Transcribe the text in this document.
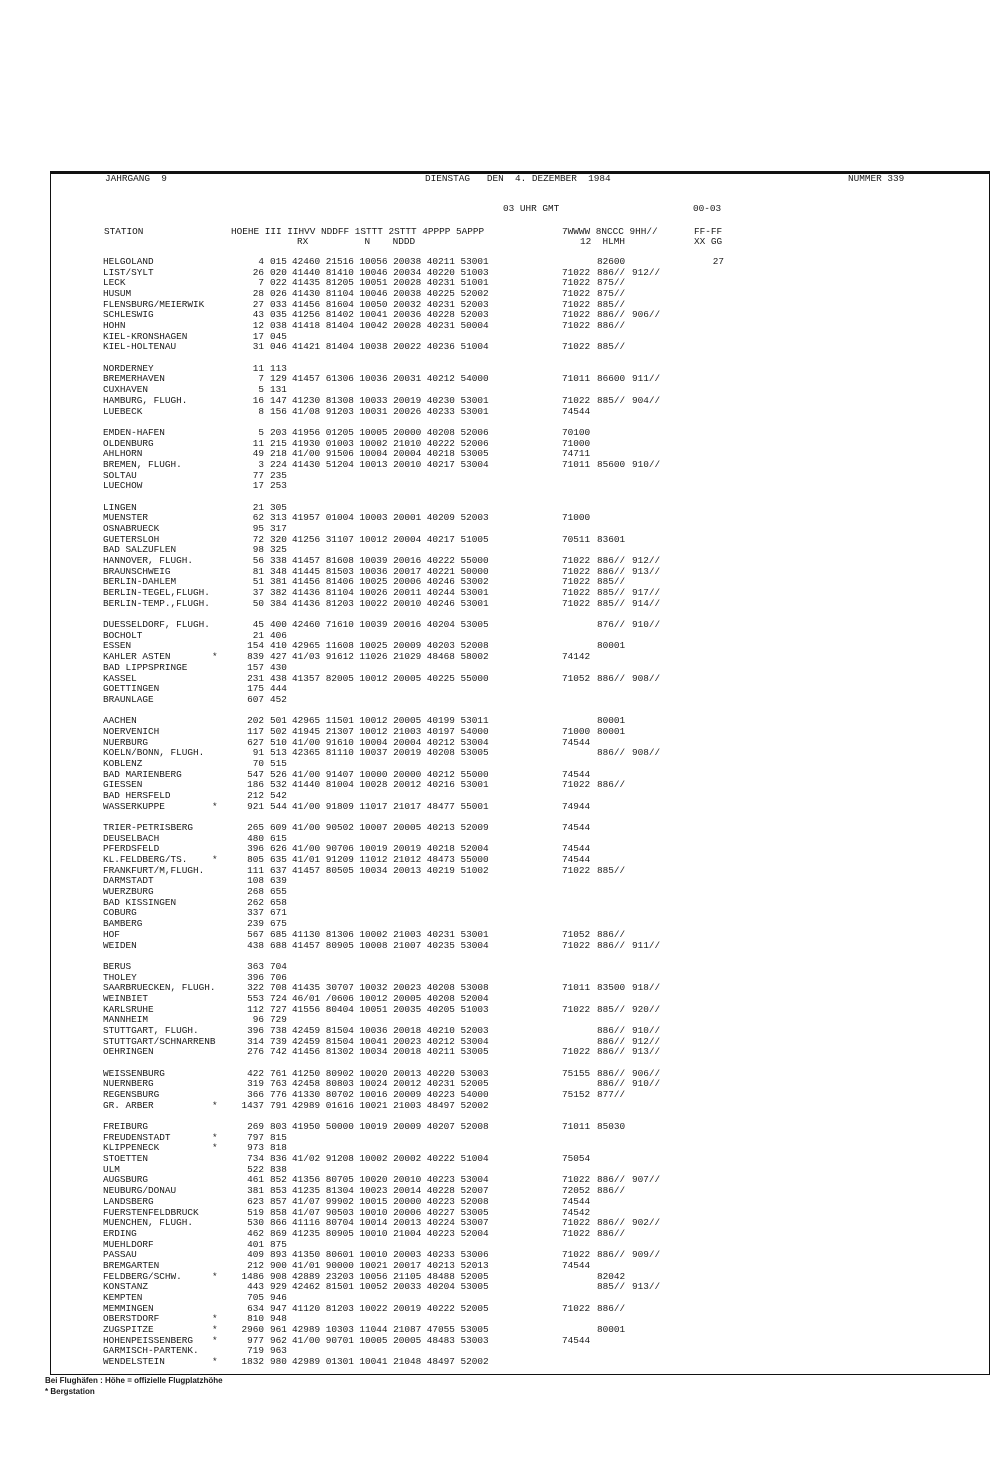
JAHRGANG  9	DIENSTAG   DEN  4. DEZEMBER  1984	NUMMER 339
03 UHR GMT	00-03
STATION	HOEHE III IIHVV NDDFF 1STTT 2STTT 4PPPP 5APPP	7WWWW 8NCCC 9HH//	FF-FF
RX          N    NDDD	12  HLMH	XX GG
HELGOLAND	4 015 42460 21516 10056 20038 40211 53001	82600	27
LIST/SYLT	26 020 41440 81410 10046 20034 40220 51003	71022 886// 912//
LECK	7 022 41435 81205 10051 20028 40231 51001	71022 875//
HUSUM	28 026 41430 81104 10046 20038 40225 52002	71022 875//
FLENSBURG/MEIERWIK	27 033 41456 81604 10050 20032 40231 52003	71022 885//
SCHLESWIG	43 035 41256 81402 10041 20036 40228 52003	71022 886// 906//
HOHN	12 038 41418 81404 10042 20028 40231 50004	71022 886//
KIEL-KRONSHAGEN	17 045
KIEL-HOLTENAU	31 046 41421 81404 10038 20022 40236 51004	71022 885//
NORDERNEY	11 113
BREMERHAVEN	7 129 41457 61306 10036 20031 40212 54000	71011 86600 911//
CUXHAVEN	5 131
HAMBURG, FLUGH.	16 147 41230 81308 10033 20019 40230 53001	71022 885// 904//
LUEBECK	8 156 41/08 91203 10031 20026 40233 53001	74544
EMDEN-HAFEN	5 203 41956 01205 10005 20000 40208 52006	70100
OLDENBURG	11 215 41930 01003 10002 21010 40222 52006	71000
AHLHORN	49 218 41/00 91506 10004 20004 40218 53005	74711
BREMEN, FLUGH.	3 224 41430 51204 10013 20010 40217 53004	71011 85600 910//
SOLTAU	77 235
LUECHOW	17 253
LINGEN	21 305
MUENSTER	62 313 41957 01004 10003 20001 40209 52003	71000
OSNABRUECK	95 317
GUETERSLOH	72 320 41256 31107 10012 20004 40217 51005	70511 83601
BAD SALZUFLEN	98 325
HANNOVER, FLUGH.	56 338 41457 81608 10039 20016 40222 55000	71022 886// 912//
BRAUNSCHWEIG	81 348 41445 81503 10036 20017 40221 50000	71022 886// 913//
BERLIN-DAHLEM	51 381 41456 81406 10025 20006 40246 53002	71022 885//
BERLIN-TEGEL,FLUGH.	37 382 41436 81104 10026 20011 40244 53001	71022 885// 917//
BERLIN-TEMP.,FLUGH.	50 384 41436 81203 10022 20010 40246 53001	71022 885// 914//
DUESSELDORF, FLUGH.	45 400 42460 71610 10039 20016 40204 53005	876// 910//
BOCHOLT	21 406
ESSEN	154 410 42965 11608 10025 20009 40203 52008	80001
KAHLER ASTEN	*	839 427 41/03 91612 11026 21029 48468 58002	74142
BAD LIPPSPRINGE	157 430
KASSEL	231 438 41357 82005 10012 20005 40225 55000	71052 886// 908//
GOETTINGEN	175 444
BRAUNLAGE	607 452
AACHEN	202 501 42965 11501 10012 20005 40199 53011	80001
NOERVENICH	117 502 41945 21307 10012 21003 40197 54000	71000 80001
NUERBURG	627 510 41/00 91610 10004 20004 40212 53004	74544
KOELN/BONN, FLUGH.	91 513 42365 81110 10037 20019 40208 53005	886// 908//
KOBLENZ	70 515
BAD MARIENBERG	547 526 41/00 91407 10000 20000 40212 55000	74544
GIESSEN	186 532 41440 81004 10028 20012 40216 53001	71022 886//
BAD HERSFELD	212 542
WASSERKUPPE	*	921 544 41/00 91809 11017 21017 48477 55001	74944
TRIER-PETRISBERG	265 609 41/00 90502 10007 20005 40213 52009	74544
DEUSELBACH	480 615
PFERDSFELD	396 626 41/00 90706 10019 20019 40218 52004	74544
KL.FELDBERG/TS.	*	805 635 41/01 91209 11012 21012 48473 55000	74544
FRANKFURT/M,FLUGH.	111 637 41457 80505 10034 20013 40219 51002	71022 885//
DARMSTADT	108 639
WUERZBURG	268 655
BAD KISSINGEN	262 658
COBURG	337 671
BAMBERG	239 675
HOF	567 685 41130 81306 10002 21003 40231 53001	71052 886//
WEIDEN	438 688 41457 80905 10008 21007 40235 53004	71022 886// 911//
BERUS	363 704
THOLEY	396 706
SAARBRUECKEN, FLUGH.	322 708 41435 30707 10032 20023 40208 53008	71011 83500 918//
WEINBIET	553 724 46/01 /0606 10012 20005 40208 52004
KARLSRUHE	112 727 41556 80404 10051 20035 40205 51003	71022 885// 920//
MANNHEIM	96 729
STUTTGART, FLUGH.	396 738 42459 81504 10036 20018 40210 52003	886// 910//
STUTTGART/SCHNARRENB	314 739 42459 81504 10041 20023 40212 53004	886// 912//
OEHRINGEN	276 742 41456 81302 10034 20018 40211 53005	71022 886// 913//
WEISSENBURG	422 761 41250 80902 10020 20013 40220 53003	75155 886// 906//
NUERNBERG	319 763 42458 80803 10024 20012 40231 52005	886// 910//
REGENSBURG	366 776 41330 80702 10016 20009 40223 54000	75152 877//
GR. ARBER	*	1437 791 42989 01616 10021 21003 48497 52002
FREIBURG	269 803 41950 50000 10019 20009 40207 52008	71011 85030
FREUDENSTADT	*	797 815
KLIPPENECK	*	973 818
STOETTEN	734 836 41/02 91208 10002 20002 40222 51004	75054
ULM	522 838
AUGSBURG	461 852 41356 80705 10020 20010 40223 53004	71022 886// 907//
NEUBURG/DONAU	381 853 41235 81304 10023 20014 40228 52007	72052 886//
LANDSBERG	623 857 41/07 99902 10015 20000 40223 52008	74544
FUERSTENFELDBRUCK	519 858 41/07 90503 10010 20006 40227 53005	74542
MUENCHEN, FLUGH.	530 866 41116 80704 10014 20013 40224 53007	71022 886// 902//
ERDING	462 869 41235 80905 10010 21004 40223 52004	71022 886//
MUEHLDORF	401 875
PASSAU	409 893 41350 80601 10010 20003 40233 53006	71022 886// 909//
BREMGARTEN	212 900 41/01 90000 10021 20017 40213 52013	74544
FELDBERG/SCHW.	*	1486 908 42889 23203 10056 21105 48488 52005	82042
KONSTANZ	443 929 42462 81501 10052 20033 40204 53005	885// 913//
KEMPTEN	705 946
MEMMINGEN	634 947 41120 81203 10022 20019 40222 52005	71022 886//
OBERSTDORF	*	810 948
ZUGSPITZE	*	2960 961 42989 10303 11044 21087 47055 53005	80001
HOHENPEISSENBERG *	977 962 41/00 90701 10005 20005 48483 53003	74544
GARMISCH-PARTENK.	719 963
WENDELSTEIN	*	1832 980 42989 01301 10041 21048 48497 52002
Bei Flughäfen : Höhe = offizielle Flugplatzhöhe
* Bergstation
